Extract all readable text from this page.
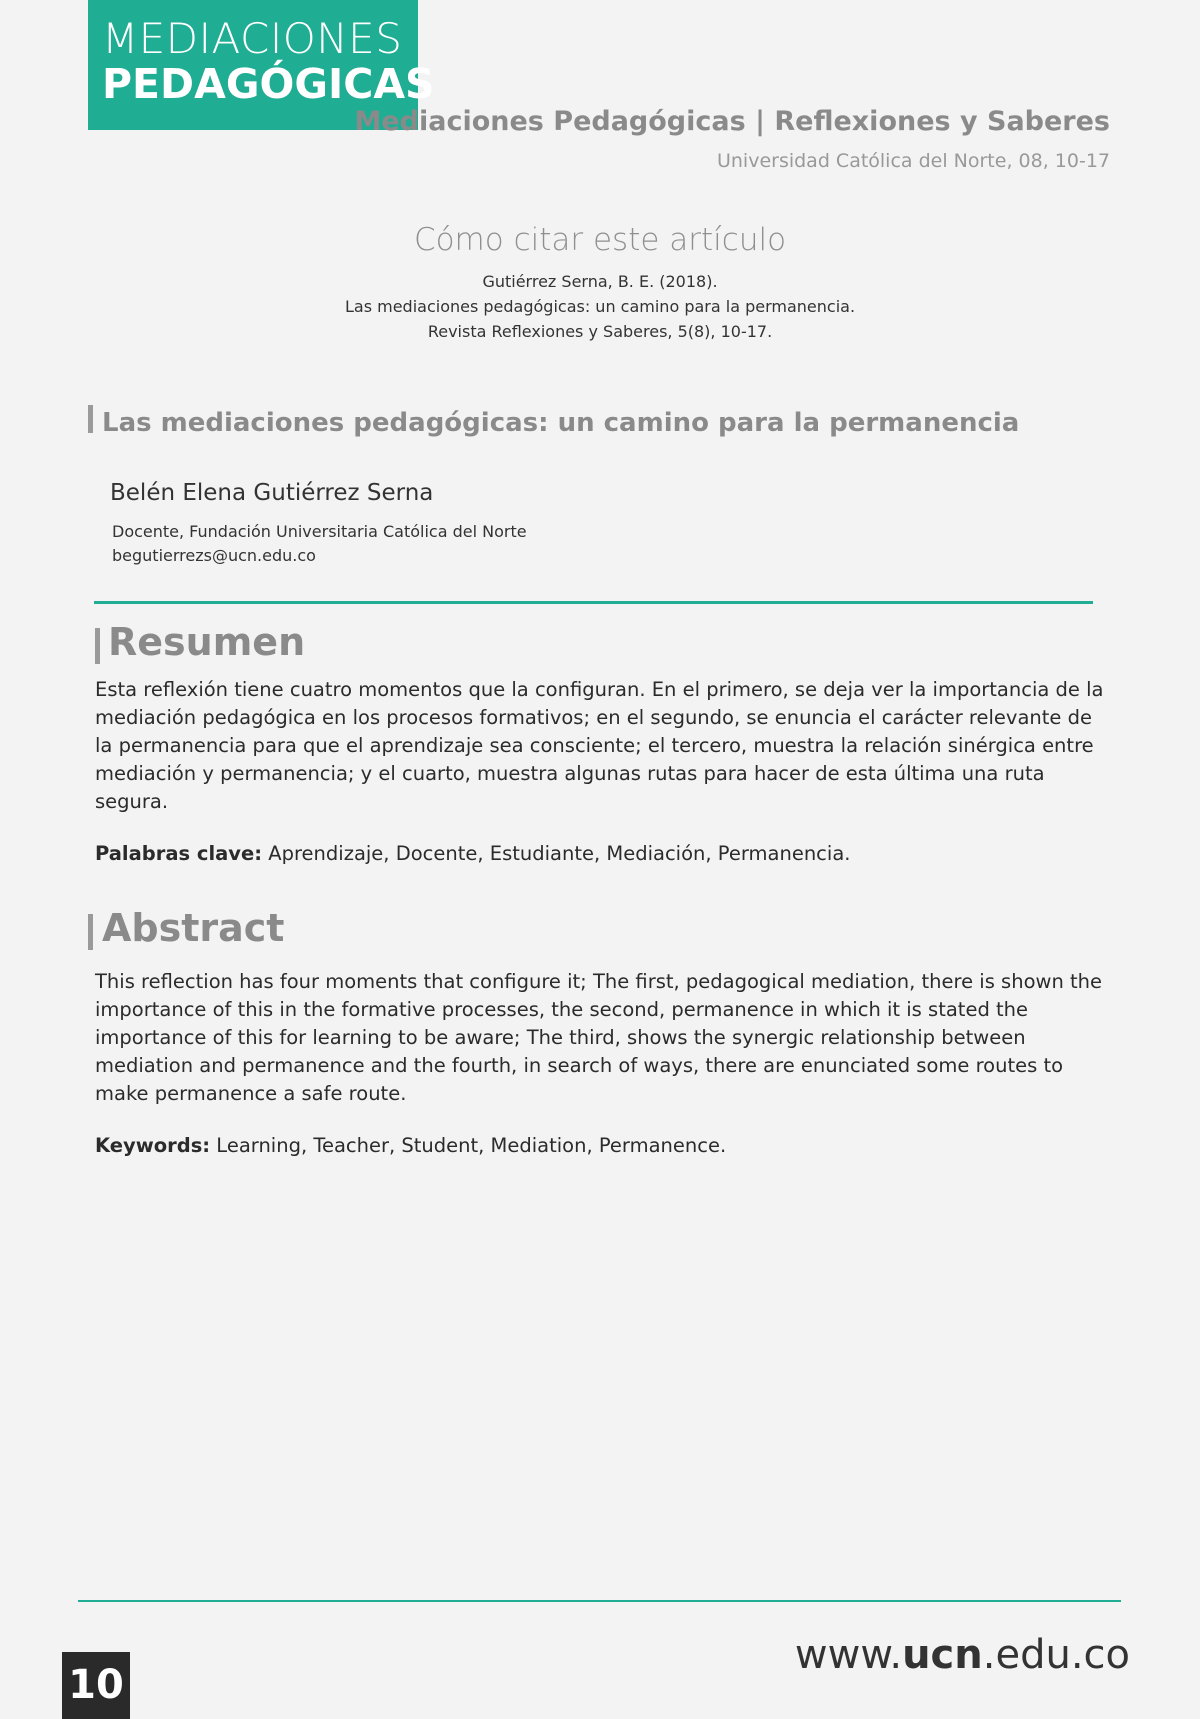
MEDIACIONES
PEDAGÓGICAS
Mediaciones Pedagógicas | Reflexiones y Saberes
Universidad Católica del Norte, 08, 10-17
Cómo citar este artículo
Gutiérrez Serna, B. E. (2018).
Las mediaciones pedagógicas: un camino para la permanencia.
Revista Reflexiones y Saberes, 5(8), 10-17.
Las mediaciones pedagógicas: un camino para la permanencia
Belén Elena Gutiérrez Serna
Docente, Fundación Universitaria Católica del Norte
begutierrezs@ucn.edu.co
Resumen
Esta reflexión tiene cuatro momentos que la configuran. En el primero, se deja ver la importancia de la mediación pedagógica en los procesos formativos; en el segundo, se enuncia el carácter relevante de la permanencia para que el aprendizaje sea consciente; el tercero, muestra la relación sinérgica entre mediación y permanencia; y el cuarto, muestra algunas rutas para hacer de esta última una ruta segura.
Palabras clave: Aprendizaje, Docente, Estudiante, Mediación, Permanencia.
Abstract
This reflection has four moments that configure it; The first, pedagogical mediation, there is shown the importance of this in the formative processes, the second, permanence in which it is stated the importance of this for learning to be aware; The third, shows the synergic relationship between mediation and permanence and the fourth, in search of ways, there are enunciated some routes to make permanence a safe route.
Keywords: Learning, Teacher, Student, Mediation, Permanence.
www.ucn.edu.co
10
